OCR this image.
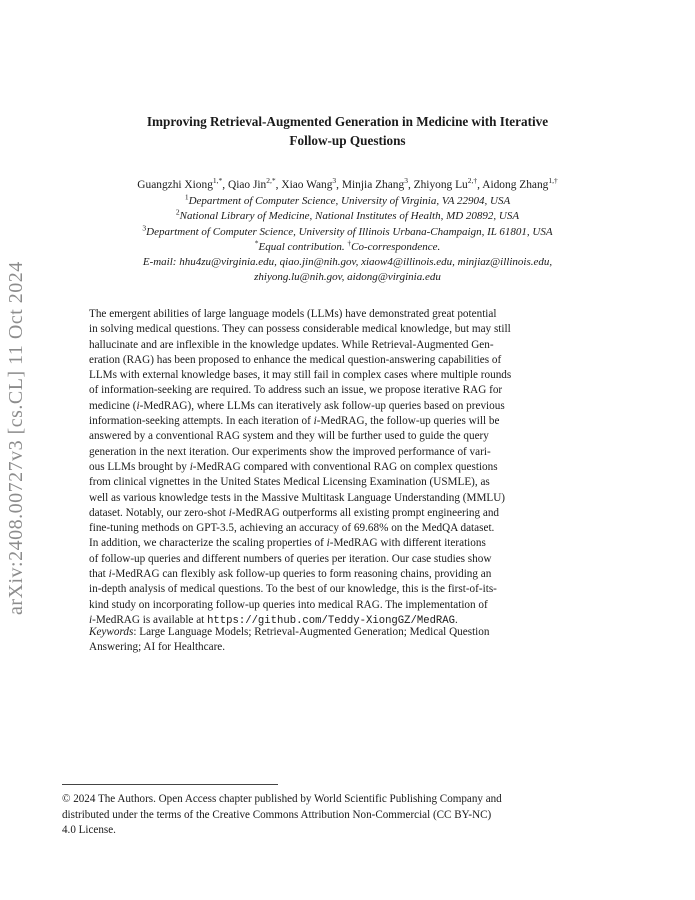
arXiv:2408.00727v3 [cs.CL] 11 Oct 2024
Improving Retrieval-Augmented Generation in Medicine with Iterative
Follow-up Questions
Guangzhi Xiong$^{1,*}$, Qiao Jin$^{2,*}$, Xiao Wang$^3$, Minjia Zhang$^3$, Zhiyong $Lu^{2,\dagger}$, Aidong Zhang$^{1,\dagger}$
$^1$Department of Computer Science, University of Virginia, VA 22904, USA
$^2$National Library of Medicine, National Institutes of Health, MD 20892, USA
$^3$Department of Computer Science, University of Illinois Urbana-Champaign, IL 61801, USA
*Equal contribution. †Co-correspondence.
E-mail: hhu4zu@virginia.edu, qiao.jin@nih.gov, xiaow4@illinois.edu, minjiaz@illinois.edu,
zhiyong.lu@nih.gov, aidong@virginia.edu
The emergent abilities of large language models (LLMs) have demonstrated great potential
in solving medical questions. They can possess considerable medical knowledge, but may still
hallucinate and are inflexible in the knowledge updates. While Retrieval-Augmented Gen-
eration (RAG) has been proposed to enhance the medical question-answering capabilities of
LLMs with external knowledge bases, it may still fail in complex cases where multiple rounds
of information-seeking are required. To address such an issue, we propose iterative RAG for
medicine (i-MedRAG), where LLMs can iteratively ask follow-up queries based on previous
information-seeking attempts. In each iteration of i-MedRAG, the follow-up queries will be
answered by a conventional RAG system and they will be further used to guide the query
generation in the next iteration. Our experiments show the improved performance of vari-
ous LLMs brought by i-MedRAG compared with conventional RAG on complex questions
from clinical vignettes in the United States Medical Licensing Examination (USMLE), as
well as various knowledge tests in the Massive Multitask Language Understanding (MMLU)
dataset. Notably, our zero-shot i-MedRAG outperforms all existing prompt engineering and
fine-tuning methods on GPT-3.5, achieving an accuracy of 69.68% on the MedQA dataset.
In addition, we characterize the scaling properties of i-MedRAG with different iterations
of follow-up queries and different numbers of queries per iteration. Our case studies show
that i-MedRAG can flexibly ask follow-up queries to form reasoning chains, providing an
in-depth analysis of medical questions. To the best of our knowledge, this is the first-of-its-
kind study on incorporating follow-up queries into medical RAG. The implementation of
i-MedRAG is available at https://github.com/Teddy-XiongGZ/MedRAG.
Keywords: Large Language Models; Retrieval-Augmented Generation; Medical Question
Answering; AI for Healthcare.
© 2024 The Authors. Open Access chapter published by World Scientific Publishing Company and
distributed under the terms of the Creative Commons Attribution Non-Commercial (CC BY-NC)
4.0 License.
